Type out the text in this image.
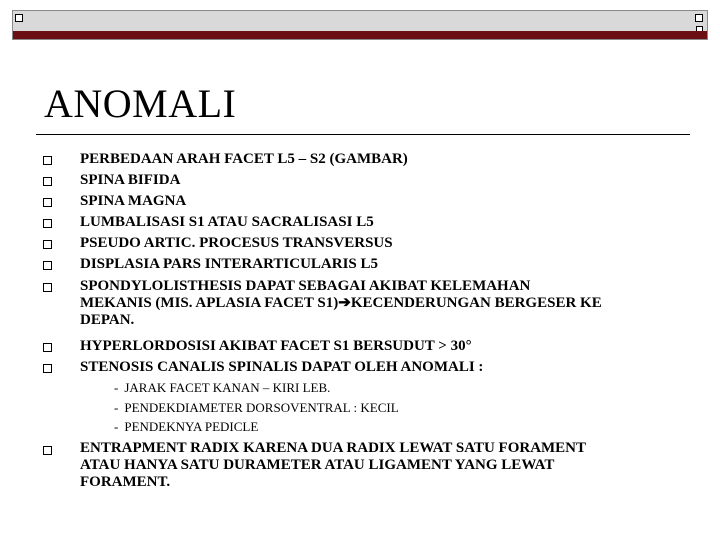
ANOMALI
PERBEDAAN ARAH FACET L5 – S2 (GAMBAR)
SPINA BIFIDA
SPINA MAGNA
LUMBALISASI S1 ATAU SACRALISASI L5
PSEUDO ARTIC. PROCESUS TRANSVERSUS
DISPLASIA PARS INTERARTICULARIS L5
SPONDYLOLISTHESIS DAPAT SEBAGAI AKIBAT KELEMAHAN
MEKANIS (MIS. APLASIA FACET S1)➔KECENDERUNGAN BERGESER KE
DEPAN.
HYPERLORDOSISI AKIBAT FACET S1 BERSUDUT > 30°
STENOSIS CANALIS SPINALIS DAPAT OLEH ANOMALI :
- JARAK FACET KANAN – KIRI LEB.
- PENDEKDIAMETER DORSOVENTRAL : KECIL
- PENDEKNYA PEDICLE
ENTRAPMENT RADIX KARENA DUA RADIX LEWAT SATU FORAMENT
ATAU HANYA SATU DURAMETER ATAU LIGAMENT YANG LEWAT
FORAMENT.
